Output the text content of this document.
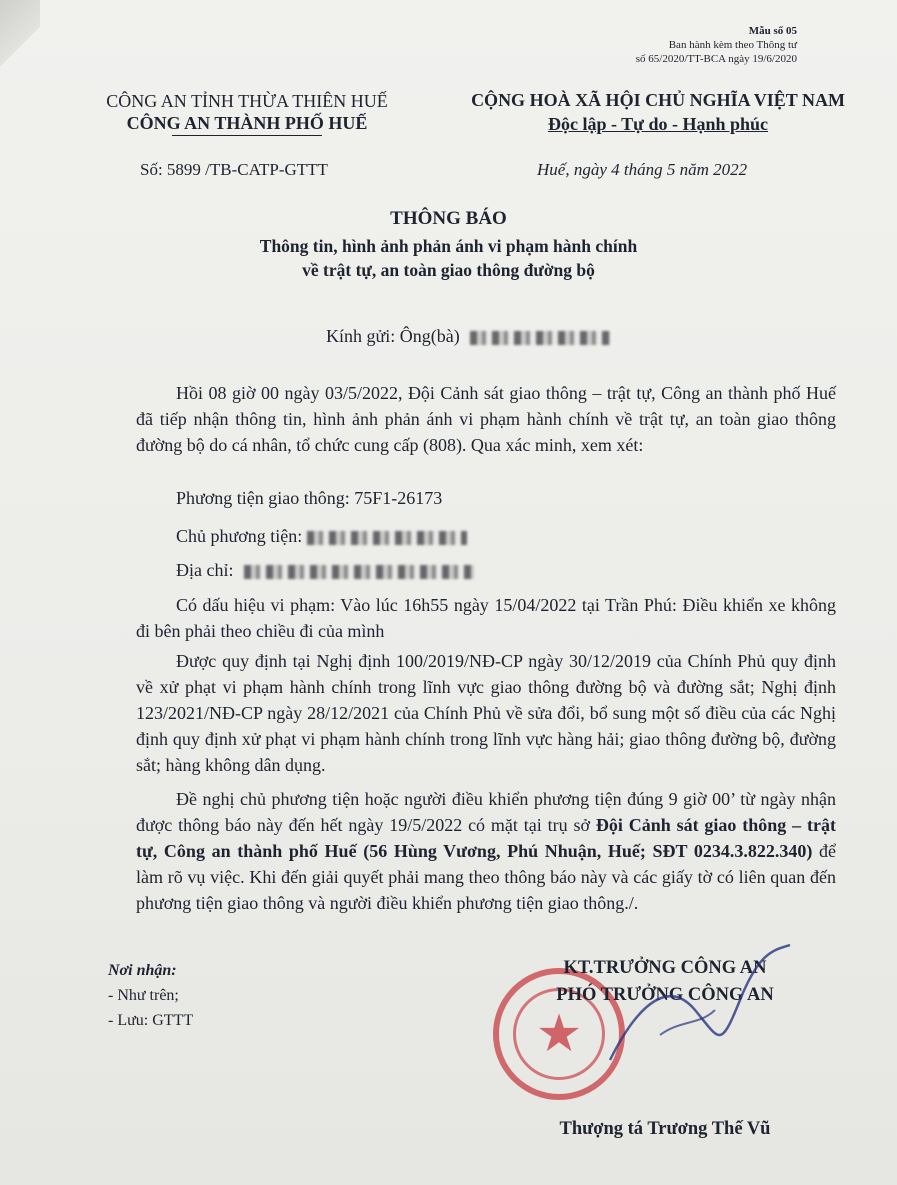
Mẫu số 05
Ban hành kèm theo Thông tư
số 65/2020/TT-BCA ngày 19/6/2020
CÔNG AN TỈNH THỪA THIÊN HUẾ
CÔNG AN THÀNH PHỐ HUẾ
CỘNG HOÀ XÃ HỘI CHỦ NGHĨA VIỆT NAM
Độc lập - Tự do - Hạnh phúc
Số: 5899 /TB-CATP-GTTT	Huế, ngày 4 tháng 5 năm 2022
THÔNG BÁO
Thông tin, hình ảnh phản ánh vi phạm hành chính
về trật tự, an toàn giao thông đường bộ
Kính gửi: Ông(bà)
Hồi 08 giờ 00 ngày 03/5/2022, Đội Cảnh sát giao thông – trật tự, Công an thành phố Huế đã tiếp nhận thông tin, hình ảnh phản ánh vi phạm hành chính về trật tự, an toàn giao thông đường bộ do cá nhân, tổ chức cung cấp (808). Qua xác minh, xem xét:
Phương tiện giao thông: 75F1-26173
Chủ phương tiện:
Địa chỉ:
Có dấu hiệu vi phạm: Vào lúc 16h55 ngày 15/04/2022 tại Trần Phú: Điều khiển xe không đi bên phải theo chiều đi của mình
Được quy định tại Nghị định 100/2019/NĐ-CP ngày 30/12/2019 của Chính Phủ quy định về xử phạt vi phạm hành chính trong lĩnh vực giao thông đường bộ và đường sắt; Nghị định 123/2021/NĐ-CP ngày 28/12/2021 của Chính Phủ về sửa đổi, bổ sung một số điều của các Nghị định quy định xử phạt vi phạm hành chính trong lĩnh vực hàng hải; giao thông đường bộ, đường sắt; hàng không dân dụng.
Đề nghị chủ phương tiện hoặc người điều khiển phương tiện đúng 9 giờ 00’ từ ngày nhận được thông báo này đến hết ngày 19/5/2022 có mặt tại trụ sở Đội Cảnh sát giao thông – trật tự, Công an thành phố Huế (56 Hùng Vương, Phú Nhuận, Huế; SĐT 0234.3.822.340) để làm rõ vụ việc. Khi đến giải quyết phải mang theo thông báo này và các giấy tờ có liên quan đến phương tiện giao thông và người điều khiển phương tiện giao thông./.
Nơi nhận:
- Như trên;
- Lưu: GTTT	★
KT.TRƯỞNG CÔNG AN
PHÓ TRƯỞNG CÔNG AN
Thượng tá Trương Thế Vũ
